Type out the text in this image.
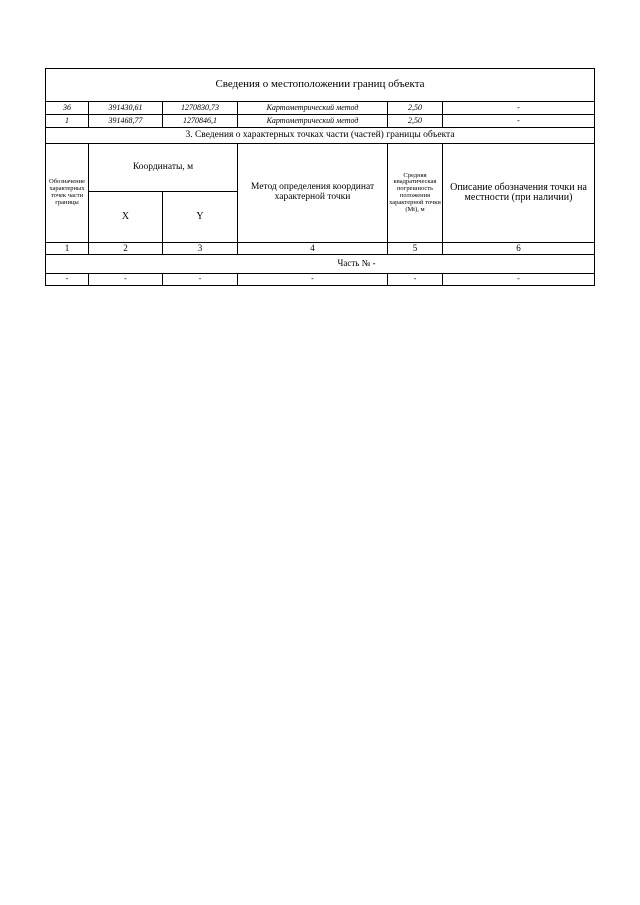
Сведения о местоположении границ объекта					
36	391430,61	1270830,73	Картометрический метод	2,50	-
1	391468,77	1270846,1	Картометрический метод	2,50	-
3. Сведения о характерных точках части (частей) границы объекта					
Обозначение характерных точек части границы	Координаты, м		Метод определения координат характерной точки	Средняя квадратическая погрешность положения характерной точки (Mt), м	Описание обозначения точки на местности (при наличии)
	X	Y			
1	2	3	4	5	6
Часть № -					
-	-	-	-	-	-
